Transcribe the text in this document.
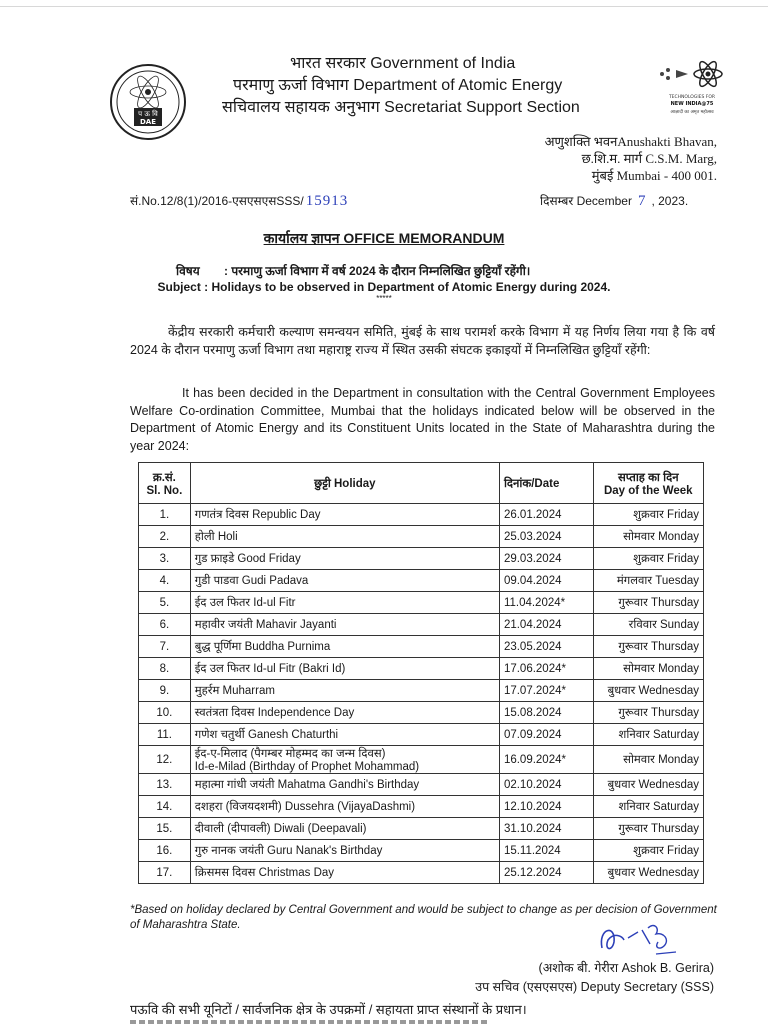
प ऊ वि
DAE
भारत सरकार Government of India
परमाणु ऊर्जा विभाग Department of Atomic Energy
सचिवालय सहायक अनुभाग Secretariat Support Section
TECHNOLOGIES FOR
NEW INDIA@75
आज़ादी का अमृत महोत्सव
अणुशक्ति भवनAnushakti Bhavan,
छ.शि.म. मार्ग C.S.M. Marg,
मुंबई Mumbai - 400 001.
सं.No.12/8(1)/2016-एसएसएसSSS/ 15913	दिसम्बर December 7 , 2023.
कार्यालय ज्ञापन OFFICE MEMORANDUM
विषय : परमाणु ऊर्जा विभाग में वर्ष 2024 के दौरान निम्नलिखित छुट्टियाँ रहेंगी।
Subject : Holidays to be observed in Department of Atomic Energy during 2024.
*****
केंद्रीय सरकारी कर्मचारी कल्याण समन्वयन समिति, मुंबई के साथ परामर्श करके विभाग में यह निर्णय लिया गया है कि वर्ष 2024 के दौरान परमाणु ऊर्जा विभाग तथा महाराष्ट्र राज्य में स्थित उसकी संघटक इकाइयों में निम्नलिखित छुट्टियाँ रहेंगी:
It has been decided in the Department in consultation with the Central Government Employees Welfare Co-ordination Committee, Mumbai that the holidays indicated below will be observed in the Department of Atomic Energy and its Constituent Units located in the State of Maharashtra during the year 2024:
क्र.सं.
Sl. No.	छुट्टी Holiday	दिनांक/Date	सप्ताह का दिन
Day of the Week

1.	गणतंत्र दिवस Republic Day	26.01.2024	शुक्रवार Friday
2.	होली Holi	25.03.2024	सोमवार Monday
3.	गुड फ्राइडे Good Friday	29.03.2024	शुक्रवार Friday
4.	गुडी पाडवा Gudi Padava	09.04.2024	मंगलवार Tuesday
5.	ईद उल फितर Id-ul Fitr	11.04.2024*	गुरूवार Thursday
6.	महावीर जयंती Mahavir Jayanti	21.04.2024	रविवार Sunday
7.	बुद्ध पूर्णिमा Buddha Purnima	23.05.2024	गुरूवार Thursday
8.	ईद उल फितर Id-ul Fitr (Bakri Id)	17.06.2024*	सोमवार Monday
9.	मुहर्रम Muharram	17.07.2024*	बुधवार Wednesday
10.	स्वतंत्रता दिवस Independence Day	15.08.2024	गुरूवार Thursday
11.	गणेश चतुर्थी Ganesh Chaturthi	07.09.2024	शनिवार Saturday
12.	ईद-ए-मिलाद (पैगम्बर मोहम्मद का जन्म दिवस)
Id-e-Milad (Birthday of Prophet Mohammad)	16.09.2024*	सोमवार Monday
13.	महात्मा गांधी जयंती Mahatma Gandhi's Birthday	02.10.2024	बुधवार Wednesday
14.	दशहरा (विजयदशमी) Dussehra (VijayaDashmi)	12.10.2024	शनिवार Saturday
15.	दीवाली (दीपावली) Diwali (Deepavali)	31.10.2024	गुरूवार Thursday
16.	गुरु नानक जयंती Guru Nanak's Birthday	15.11.2024	शुक्रवार Friday
17.	क्रिसमस दिवस Christmas Day	25.12.2024	बुधवार Wednesday
*Based on holiday declared by Central Government and would be subject to change as per decision of Government of Maharashtra State.
(अशोक बी. गेरीरा Ashok B. Gerira)
उप सचिव (एसएसएस) Deputy Secretary (SSS)
पऊवि की सभी यूनिटों / सार्वजनिक क्षेत्र के उपक्रमों / सहायता प्राप्त संस्थानों के प्रधान।
